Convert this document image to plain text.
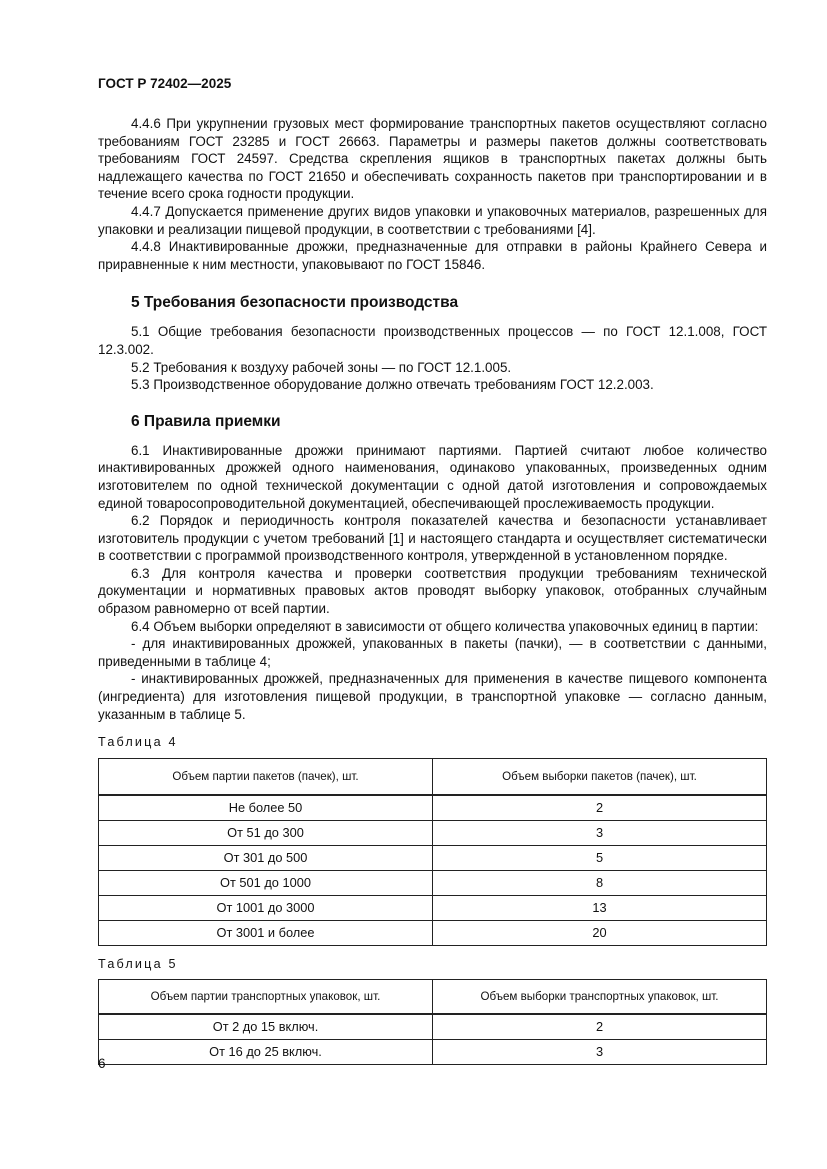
ГОСТ Р 72402—2025

4.4.6 При укрупнении грузовых мест формирование транспортных пакетов осуществляют согласно требованиям ГОСТ 23285 и ГОСТ 26663. Параметры и размеры пакетов должны соответствовать требованиям ГОСТ 24597. Средства скрепления ящиков в транспортных пакетах должны быть надлежащего качества по ГОСТ 21650 и обеспечивать сохранность пакетов при транспортировании и в течение всего срока годности продукции.

4.4.7 Допускается применение других видов упаковки и упаковочных материалов, разрешенных для упаковки и реализации пищевой продукции, в соответствии с требованиями [4].

4.4.8 Инактивированные дрожжи, предназначенные для отправки в районы Крайнего Севера и приравненные к ним местности, упаковывают по ГОСТ 15846.

5 Требования безопасности производства

5.1 Общие требования безопасности производственных процессов — по ГОСТ 12.1.008, ГОСТ 12.3.002.

5.2 Требования к воздуху рабочей зоны — по ГОСТ 12.1.005.

5.3 Производственное оборудование должно отвечать требованиям ГОСТ 12.2.003.

6 Правила приемки

6.1 Инактивированные дрожжи принимают партиями. Партией считают любое количество инактивированных дрожжей одного наименования, одинаково упакованных, произведенных одним изготовителем по одной технической документации с одной датой изготовления и сопровождаемых единой товаросопроводительной документацией, обеспечивающей прослеживаемость продукции.

6.2 Порядок и периодичность контроля показателей качества и безопасности устанавливает изготовитель продукции с учетом требований [1] и настоящего стандарта и осуществляет систематически в соответствии с программой производственного контроля, утвержденной в установленном порядке.

6.3 Для контроля качества и проверки соответствия продукции требованиям технической документации и нормативных правовых актов проводят выборку упаковок, отобранных случайным образом равномерно от всей партии.

6.4 Объем выборки определяют в зависимости от общего количества упаковочных единиц в партии:

- для инактивированных дрожжей, упакованных в пакеты (пачки), — в соответствии с данными, приведенными в таблице 4;

- инактивированных дрожжей, предназначенных для применения в качестве пищевого компонента (ингредиента) для изготовления пищевой продукции, в транспортной упаковке — согласно данным, указанным в таблице 5.

Таблица 4

Объем партии пакетов (пачек), шт.	Объем выборки пакетов (пачек), шт.
Не более 50	2
От 51 до 300	3
От 301 до 500	5
От 501 до 1000	8
От 1001 до 3000	13
От 3001 и более	20

Таблица 5

Объем партии транспортных упаковок, шт.	Объем выборки транспортных упаковок, шт.
От 2 до 15 включ.	2
От 16 до 25 включ.	3
6
